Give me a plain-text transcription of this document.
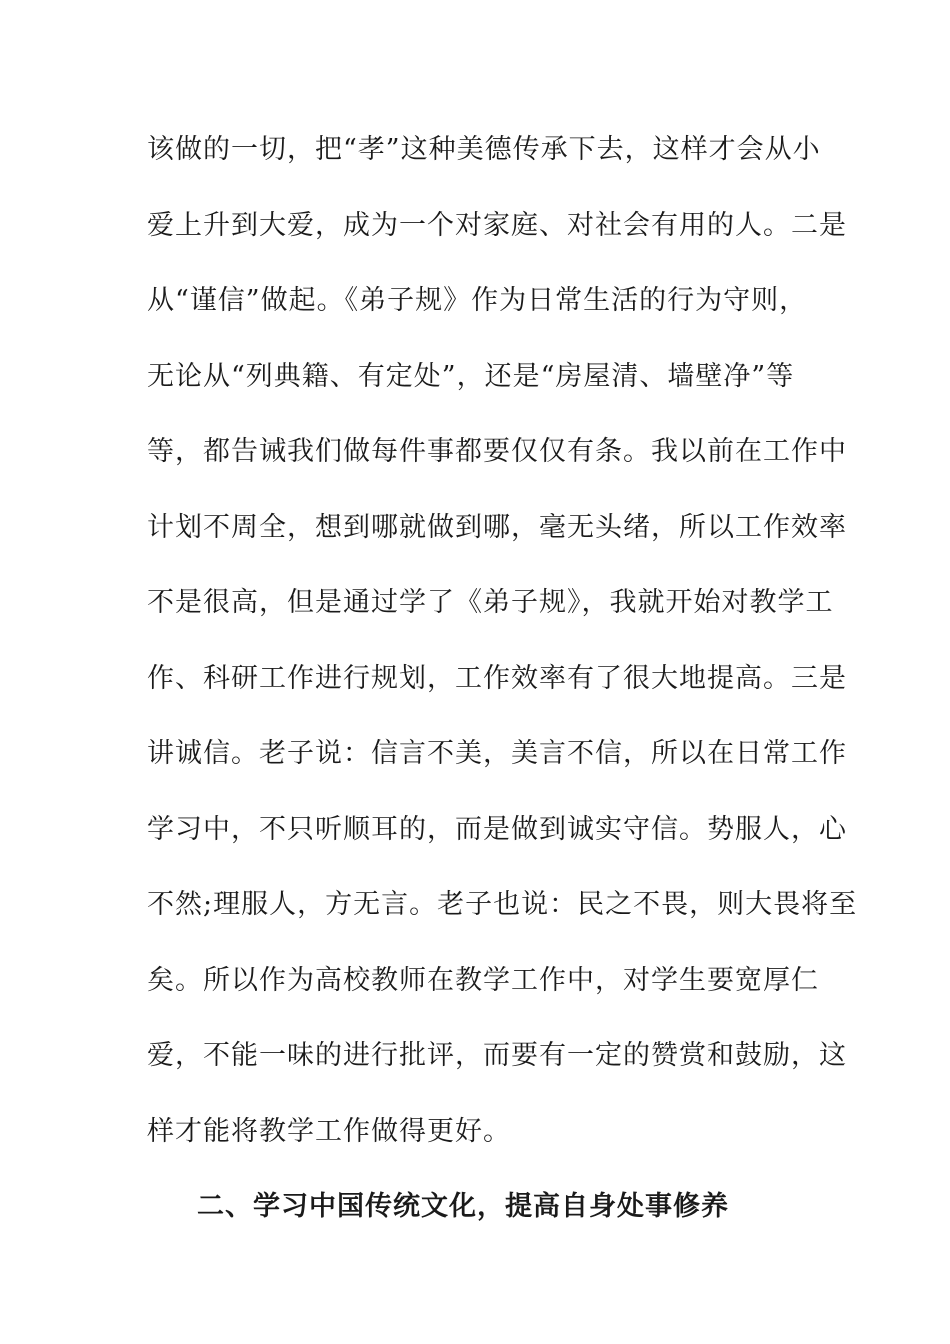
该做的一切，把“孝”这种美德传承下去，这样才会从小
爱上升到大爱，成为一个对家庭、对社会有用的人。二是
从“谨信”做起。《弟子规》作为日常生活的行为守则，
无论从“列典籍、有定处”，还是“房屋清、墙壁净”等
等，都告诫我们做每件事都要仅仅有条。我以前在工作中
计划不周全，想到哪就做到哪，毫无头绪，所以工作效率
不是很高，但是通过学了《弟子规》，我就开始对教学工
作、科研工作进行规划，工作效率有了很大地提高。三是
讲诚信。老子说：信言不美，美言不信，所以在日常工作
学习中，不只听顺耳的，而是做到诚实守信。势服人，心
不然;理服人，方无言。老子也说：民之不畏，则大畏将至
矣。所以作为高校教师在教学工作中，对学生要宽厚仁
爱，不能一味的进行批评，而要有一定的赞赏和鼓励，这
样才能将教学工作做得更好。
二、学习中国传统文化，提高自身处事修养
